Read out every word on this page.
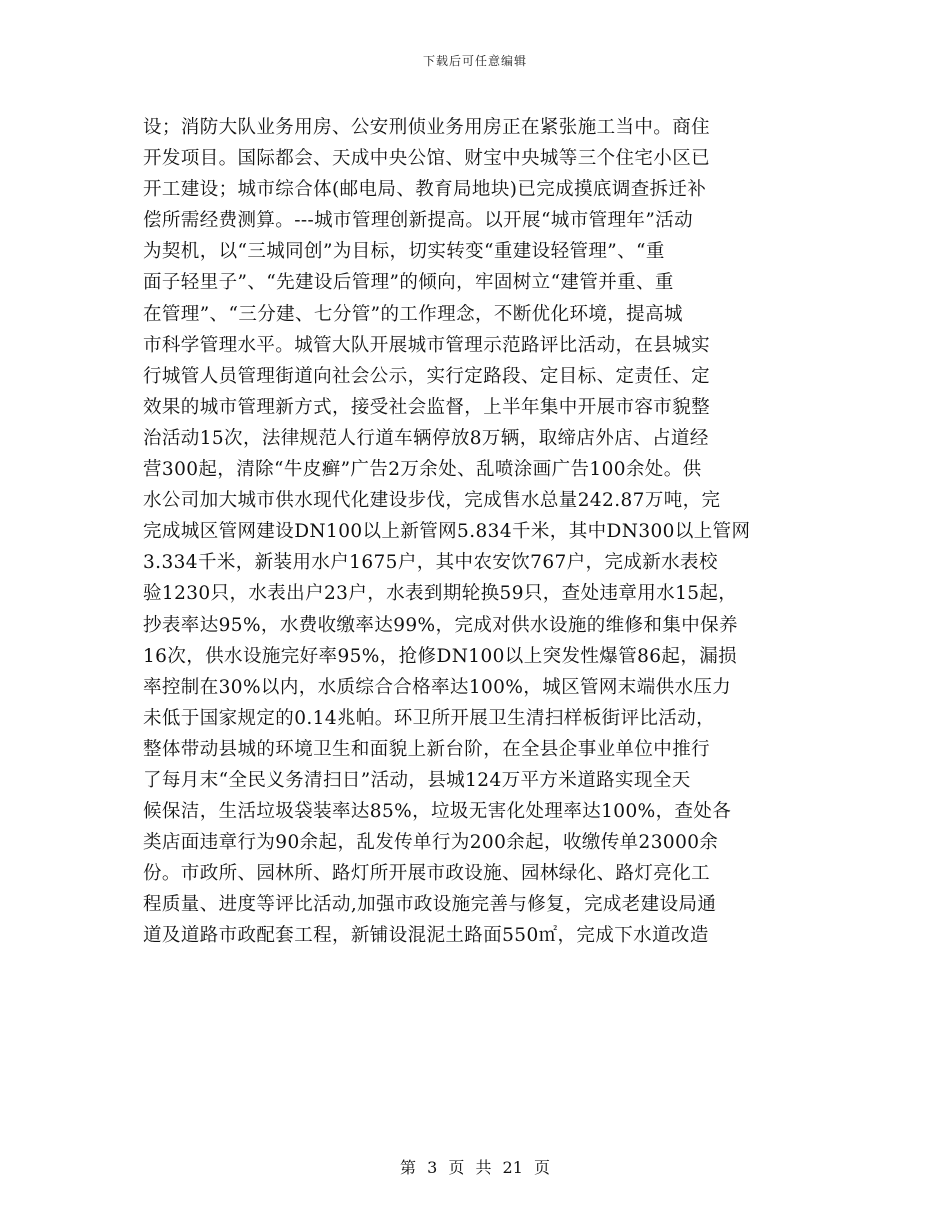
下载后可任意编辑
设；消防大队业务用房、公安刑侦业务用房正在紧张施工当中。商住
开发项目。国际都会、天成中央公馆、财宝中央城等三个住宅小区已
开工建设；城市综合体(邮电局、教育局地块)已完成摸底调查拆迁补
偿所需经费测算。---城市管理创新提高。以开展“城市管理年”活动
为契机，以“三城同创”为目标，切实转变“重建设轻管理”、“重
面子轻里子”、“先建设后管理”的倾向，牢固树立“建管并重、重
在管理”、“三分建、七分管”的工作理念，不断优化环境，提高城
市科学管理水平。城管大队开展城市管理示范路评比活动，在县城实
行城管人员管理街道向社会公示，实行定路段、定目标、定责任、定
效果的城市管理新方式，接受社会监督，上半年集中开展市容市貌整
治活动15次，法律规范人行道车辆停放8万辆，取缔店外店、占道经
营300起，清除“牛皮癣”广告2万余处、乱喷涂画广告100余处。供
水公司加大城市供水现代化建设步伐，完成售水总量242.87万吨，完
完成城区管网建设DN100以上新管网5.834千米，其中DN300以上管网
3.334千米，新装用水户1675户，其中农安饮767户，完成新水表校
验1230只，水表出户23户，水表到期轮换59只，查处违章用水15起，
抄表率达95%，水费收缴率达99%，完成对供水设施的维修和集中保养
16次，供水设施完好率95%，抢修DN100以上突发性爆管86起，漏损
率控制在30%以内，水质综合合格率达100%，城区管网末端供水压力
未低于国家规定的0.14兆帕。环卫所开展卫生清扫样板街评比活动，
整体带动县城的环境卫生和面貌上新台阶，在全县企事业单位中推行
了每月末“全民义务清扫日”活动，县城124万平方米道路实现全天
候保洁，生活垃圾袋装率达85%，垃圾无害化处理率达100%，查处各
类店面违章行为90余起，乱发传单行为200余起，收缴传单23000余
份。市政所、园林所、路灯所开展市政设施、园林绿化、路灯亮化工
程质量、进度等评比活动,加强市政设施完善与修复，完成老建设局通
道及道路市政配套工程，新铺设混泥土路面550㎡，完成下水道改造
第 3 页 共 21 页
